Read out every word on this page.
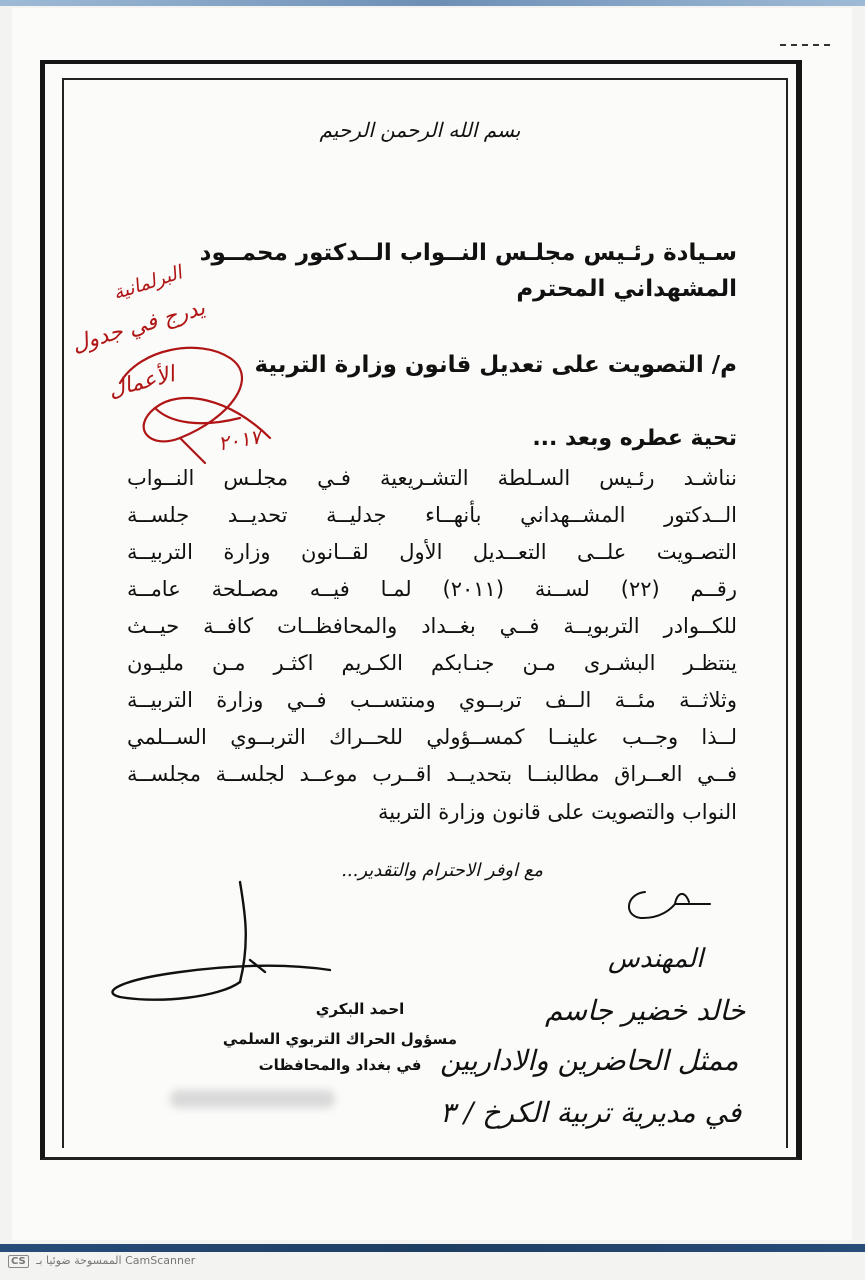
بسم الله الرحمن الرحيم
سـيادة رئـيس مجلـس النــواب الــدكتور محمــود
المشهداني المحترم
م/ التصويت على تعديل قانون وزارة التربية
تحية عطره وبعد ...
نناشـد رئـيس السـلطة التشـريعية فـي مجلـس النــواب
الــدكتور المشــهداني بأنهــاء جدليــة تحديــد جلســة
التصـويت علــى التعــديل الأول لقــانون وزارة التربيــة
رقــم (٢٢) لســنة (٢٠١١) لمـا فيــه مصـلحة عامــة
للكــوادر التربويــة فــي بغــداد والمحافظــات كافــة حيــث
ينتظـر البشـرى مـن جنـابكم الكـريم اكثـر مـن مليـون
وثلاثــة مئــة الــف تربــوي ومنتســب فــي وزارة التربيــة
لــذا وجــب علينــا كمســؤولي للحــراك التربــوي الســلمي
فــي العــراق مطالبنــا بتحديــد اقــرب موعــد لجلســة مجلســة
النواب والتصويت على قانون وزارة التربية
مع اوفر الاحترام والتقدير...
البرلمانية
يدرج في جدول
الأعمال
٢٠١٧
احمد البكري
مسؤول الحراك التربوي السلمي
في بغداد والمحافظات
المهندس
خالد خضير جاسم
ممثل الحاضرين والاداريين
في مديرية تربية الكرخ / ٣
CS الممسوحة ضوئيا بـ CamScanner
